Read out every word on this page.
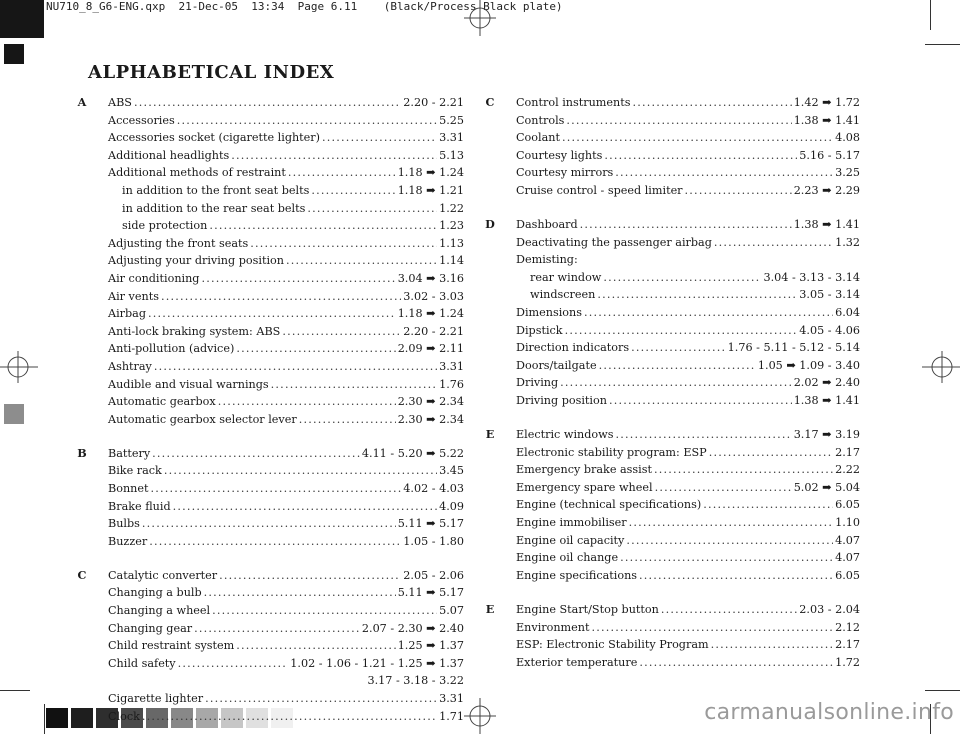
NU710_8_G6-ENG.qxp  21-Dec-05  13:34  Page 6.11    (Black/Process Black plate)
ALPHABETICAL INDEX
A	ABS .....	2.20 - 2.21
Accessories .....	5.25
Accessories socket (cigarette lighter) .....	3.31
Additional headlights .....	5.13
Additional methods of restraint .....	1.18 ➡ 1.24
in addition to the front seat belts .....	1.18 ➡ 1.21
in addition to the rear seat belts .....	1.22
side protection .....	1.23
Adjusting the front seats .....	1.13
Adjusting your driving position .....	1.14
Air conditioning .....	3.04 ➡ 3.16
Air vents .....	3.02 - 3.03
Airbag .....	1.18 ➡ 1.24
Anti-lock braking system: ABS .....	2.20 - 2.21
Anti-pollution (advice) .....	2.09 ➡ 2.11
Ashtray .....	3.31
Audible and visual warnings .....	1.76
Automatic gearbox .....	2.30 ➡ 2.34
Automatic gearbox selector lever .....	2.30 ➡ 2.34
B	Battery .....	4.11 - 5.20 ➡ 5.22
Bike rack .....	3.45
Bonnet .....	4.02 - 4.03
Brake fluid .....	4.09
Bulbs .....	5.11 ➡ 5.17
Buzzer .....	1.05 - 1.80
C	Catalytic converter .....	2.05 - 2.06
Changing a bulb .....	5.11 ➡ 5.17
Changing a wheel .....	5.07
Changing gear .....	2.07 - 2.30 ➡ 2.40
Child restraint system .....	1.25 ➡ 1.37
Child safety .....	1.02 - 1.06 - 1.21 - 1.25 ➡ 1.37
3.17 - 3.18 - 3.22
Cigarette lighter .....	3.31
Clock .....	1.71
C	Control instruments .....	1.42 ➡ 1.72
Controls .....	1.38 ➡ 1.41
Coolant .....	4.08
Courtesy lights .....	5.16 - 5.17
Courtesy mirrors .....	3.25
Cruise control - speed limiter .....	2.23 ➡ 2.29
D	Dashboard .....	1.38 ➡ 1.41
Deactivating the passenger airbag .....	1.32
Demisting:
rear window .....	3.04 - 3.13 - 3.14
windscreen .....	3.05 - 3.14
Dimensions .....	6.04
Dipstick .....	4.05 - 4.06
Direction indicators .....	1.76 - 5.11 - 5.12 - 5.14
Doors/tailgate .....	1.05 ➡ 1.09 - 3.40
Driving .....	2.02 ➡ 2.40
Driving position .....	1.38 ➡ 1.41
E	Electric windows .....	3.17 ➡ 3.19
Electronic stability program: ESP .....	2.17
Emergency brake assist .....	2.22
Emergency spare wheel .....	5.02 ➡ 5.04
Engine (technical specifications) .....	6.05
Engine immobiliser .....	1.10
Engine oil capacity .....	4.07
Engine oil change .....	4.07
Engine specifications .....	6.05
E	Engine Start/Stop button .....	2.03 - 2.04
Environment .....	2.12
ESP: Electronic Stability Program .....	2.17
Exterior temperature .....	1.72
carmanualsonline.info
